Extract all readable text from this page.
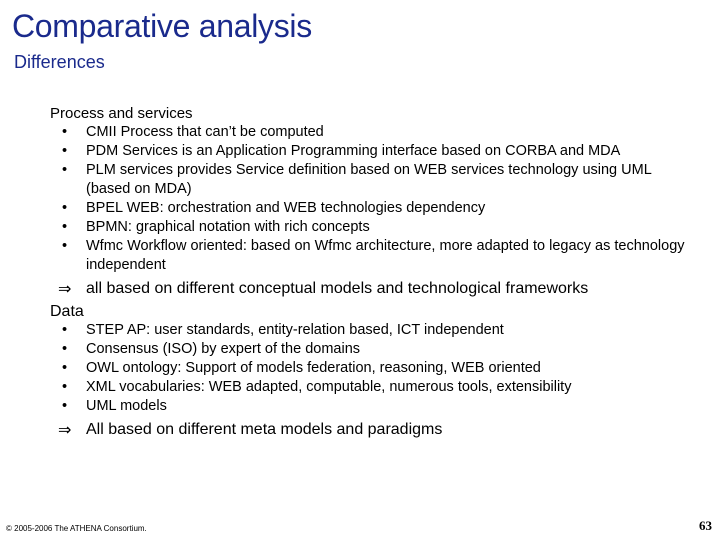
Comparative analysis
Differences
Process and services
• CMII Process that can’t be computed
• PDM Services is an Application Programming interface based on CORBA and MDA
• PLM services provides Service definition based on WEB services technology using UML (based on MDA)
• BPEL WEB: orchestration and WEB technologies dependency
• BPMN: graphical notation with rich concepts
• Wfmc Workflow oriented: based on Wfmc architecture, more adapted to legacy as technology independent
⇒ all based on different conceptual models and technological frameworks
Data
• STEP AP: user standards, entity-relation based, ICT independent
• Consensus (ISO) by expert of the domains
• OWL ontology: Support of models federation, reasoning, WEB oriented
• XML vocabularies: WEB adapted, computable, numerous tools, extensibility
• UML models
⇒ All based on different meta models and paradigms
© 2005-2006 The ATHENA Consortium.	63
